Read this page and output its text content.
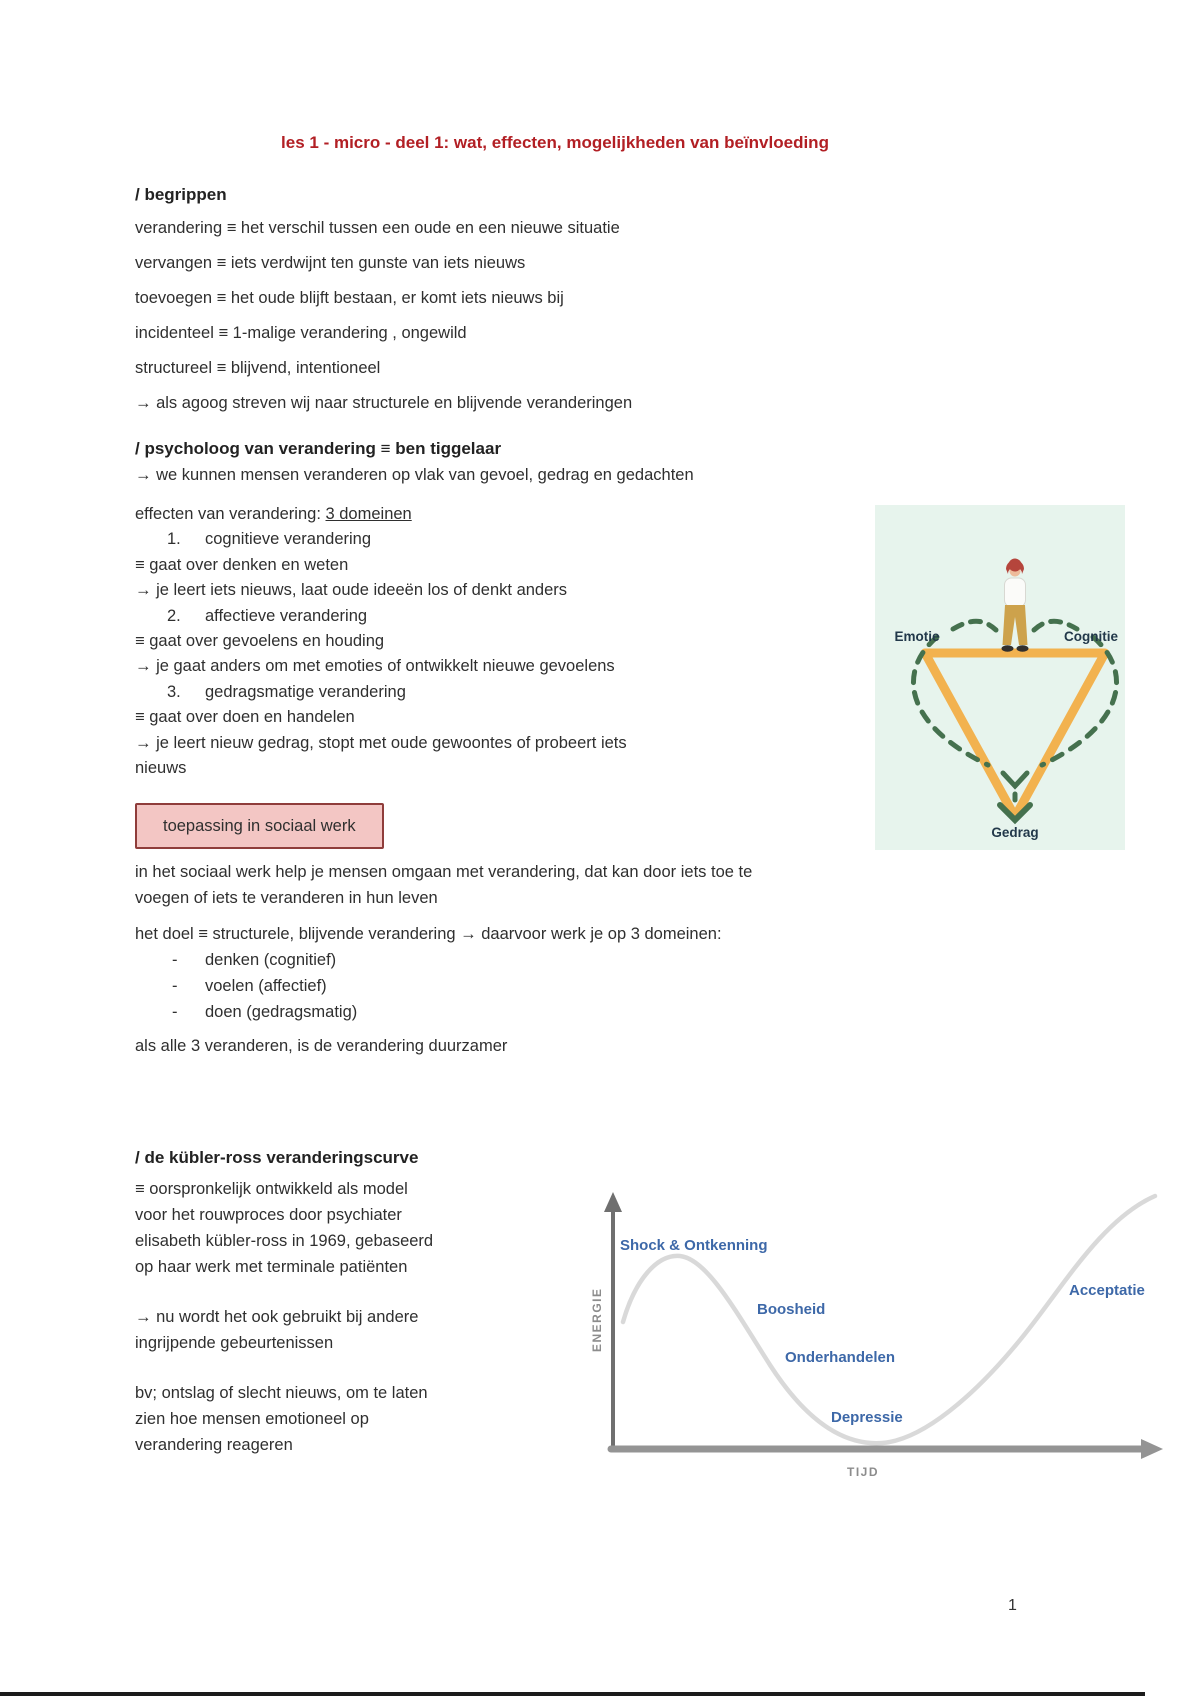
les 1 - micro - deel 1: wat, effecten, mogelijkheden van beïnvloeding
/ begrippen
verandering ≡ het verschil tussen een oude en een nieuwe situatie
vervangen ≡ iets verdwijnt ten gunste van iets nieuws
toevoegen ≡ het oude blijft bestaan, er komt iets nieuws bij
incidenteel ≡ 1-malige verandering , ongewild
structureel ≡ blijvend, intentioneel
→ als agoog streven wij naar structurele en blijvende veranderingen
/ psycholoog van verandering ≡ ben tiggelaar
→ we kunnen mensen veranderen op vlak van gevoel, gedrag en gedachten
effecten van verandering: 3 domeinen
1. cognitieve verandering
≡ gaat over denken en weten
→ je leert iets nieuws, laat oude ideeën los of denkt anders
2. affectieve verandering
≡ gaat over gevoelens en houding
→ je gaat anders om met emoties of ontwikkelt nieuwe gevoelens
3. gedragsmatige verandering
≡ gaat over doen en handelen
→ je leert nieuw gedrag, stopt met oude gewoontes of probeert iets
nieuws
Emotie	Cognitie
Gedrag
toepassing in sociaal werk
in het sociaal werk help je mensen omgaan met verandering, dat kan door iets toe te
voegen of iets te veranderen in hun leven
het doel ≡ structurele, blijvende verandering → daarvoor werk je op 3 domeinen:
- denken (cognitief)
- voelen (affectief)
- doen (gedragsmatig)
als alle 3 veranderen, is de verandering duurzamer
/ de kübler-ross veranderingscurve
≡ oorspronkelijk ontwikkeld als model
voor het rouwproces door psychiater
elisabeth kübler-ross in 1969, gebaseerd
op haar werk met terminale patiënten
→ nu wordt het ook gebruikt bij andere
ingrijpende gebeurtenissen
bv; ontslag of slecht nieuws, om te laten
zien hoe mensen emotioneel op
verandering reageren
Shock & Ontkenning
Boosheid
Onderhandelen
Depressie
Acceptatie
TIJD
ENERGIE
1
